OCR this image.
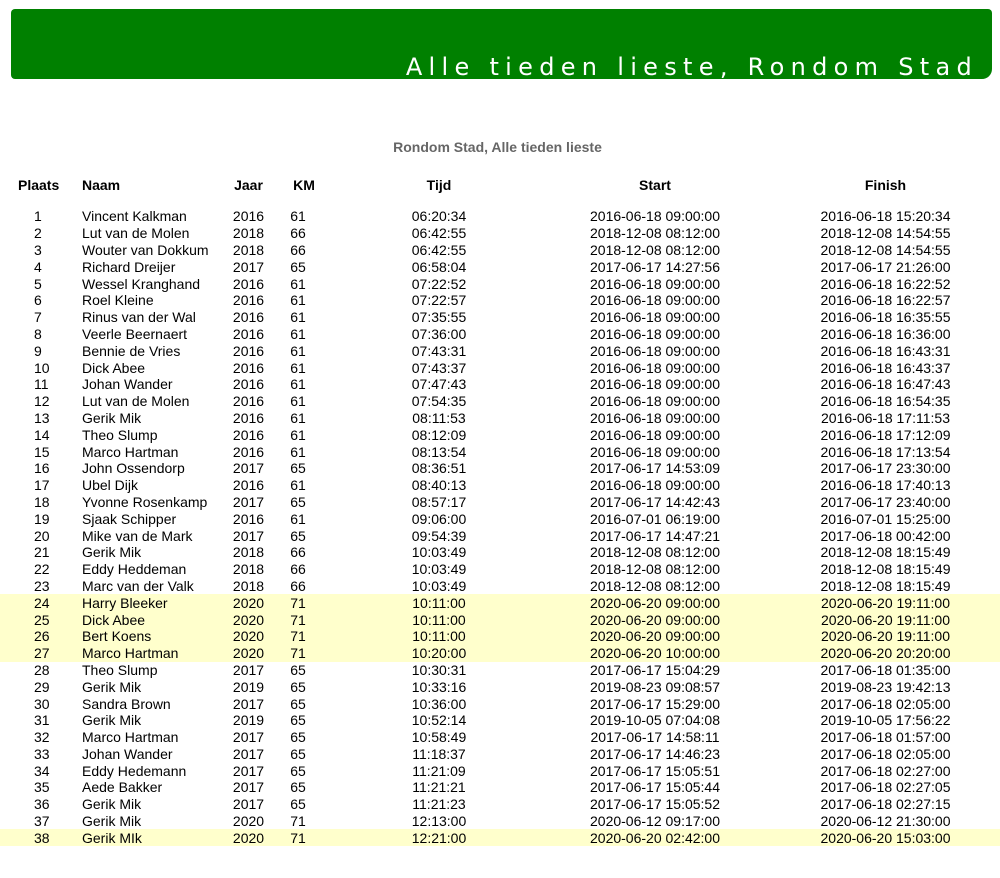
Alle tieden lieste, Rondom Stad
Rondom Stad, Alle tieden lieste
Plaats	Naam	Jaar	KM	Tijd	Start	Finish

1	Vincent Kalkman	2016	61	06:20:34	2016-06-18 09:00:00	2016-06-18 15:20:34
2	Lut van de Molen	2018	66	06:42:55	2018-12-08 08:12:00	2018-12-08 14:54:55
3	Wouter van Dokkum	2018	66	06:42:55	2018-12-08 08:12:00	2018-12-08 14:54:55
4	Richard Dreijer	2017	65	06:58:04	2017-06-17 14:27:56	2017-06-17 21:26:00
5	Wessel Kranghand	2016	61	07:22:52	2016-06-18 09:00:00	2016-06-18 16:22:52
6	Roel Kleine	2016	61	07:22:57	2016-06-18 09:00:00	2016-06-18 16:22:57
7	Rinus van der Wal	2016	61	07:35:55	2016-06-18 09:00:00	2016-06-18 16:35:55
8	Veerle Beernaert	2016	61	07:36:00	2016-06-18 09:00:00	2016-06-18 16:36:00
9	Bennie de Vries	2016	61	07:43:31	2016-06-18 09:00:00	2016-06-18 16:43:31
10	Dick Abee	2016	61	07:43:37	2016-06-18 09:00:00	2016-06-18 16:43:37
11	Johan Wander	2016	61	07:47:43	2016-06-18 09:00:00	2016-06-18 16:47:43
12	Lut van de Molen	2016	61	07:54:35	2016-06-18 09:00:00	2016-06-18 16:54:35
13	Gerik Mik	2016	61	08:11:53	2016-06-18 09:00:00	2016-06-18 17:11:53
14	Theo Slump	2016	61	08:12:09	2016-06-18 09:00:00	2016-06-18 17:12:09
15	Marco Hartman	2016	61	08:13:54	2016-06-18 09:00:00	2016-06-18 17:13:54
16	John Ossendorp	2017	65	08:36:51	2017-06-17 14:53:09	2017-06-17 23:30:00
17	Ubel Dijk	2016	61	08:40:13	2016-06-18 09:00:00	2016-06-18 17:40:13
18	Yvonne Rosenkamp	2017	65	08:57:17	2017-06-17 14:42:43	2017-06-17 23:40:00
19	Sjaak Schipper	2016	61	09:06:00	2016-07-01 06:19:00	2016-07-01 15:25:00
20	Mike van de Mark	2017	65	09:54:39	2017-06-17 14:47:21	2017-06-18 00:42:00
21	Gerik Mik	2018	66	10:03:49	2018-12-08 08:12:00	2018-12-08 18:15:49
22	Eddy Heddeman	2018	66	10:03:49	2018-12-08 08:12:00	2018-12-08 18:15:49
23	Marc van der Valk	2018	66	10:03:49	2018-12-08 08:12:00	2018-12-08 18:15:49
24	Harry Bleeker	2020	71	10:11:00	2020-06-20 09:00:00	2020-06-20 19:11:00
25	Dick Abee	2020	71	10:11:00	2020-06-20 09:00:00	2020-06-20 19:11:00
26	Bert Koens	2020	71	10:11:00	2020-06-20 09:00:00	2020-06-20 19:11:00
27	Marco Hartman	2020	71	10:20:00	2020-06-20 10:00:00	2020-06-20 20:20:00
28	Theo Slump	2017	65	10:30:31	2017-06-17 15:04:29	2017-06-18 01:35:00
29	Gerik Mik	2019	65	10:33:16	2019-08-23 09:08:57	2019-08-23 19:42:13
30	Sandra Brown	2017	65	10:36:00	2017-06-17 15:29:00	2017-06-18 02:05:00
31	Gerik Mik	2019	65	10:52:14	2019-10-05 07:04:08	2019-10-05 17:56:22
32	Marco Hartman	2017	65	10:58:49	2017-06-17 14:58:11	2017-06-18 01:57:00
33	Johan Wander	2017	65	11:18:37	2017-06-17 14:46:23	2017-06-18 02:05:00
34	Eddy Hedemann	2017	65	11:21:09	2017-06-17 15:05:51	2017-06-18 02:27:00
35	Aede Bakker	2017	65	11:21:21	2017-06-17 15:05:44	2017-06-18 02:27:05
36	Gerik Mik	2017	65	11:21:23	2017-06-17 15:05:52	2017-06-18 02:27:15
37	Gerik Mik	2020	71	12:13:00	2020-06-12 09:17:00	2020-06-12 21:30:00
38	Gerik MIk	2020	71	12:21:00	2020-06-20 02:42:00	2020-06-20 15:03:00
